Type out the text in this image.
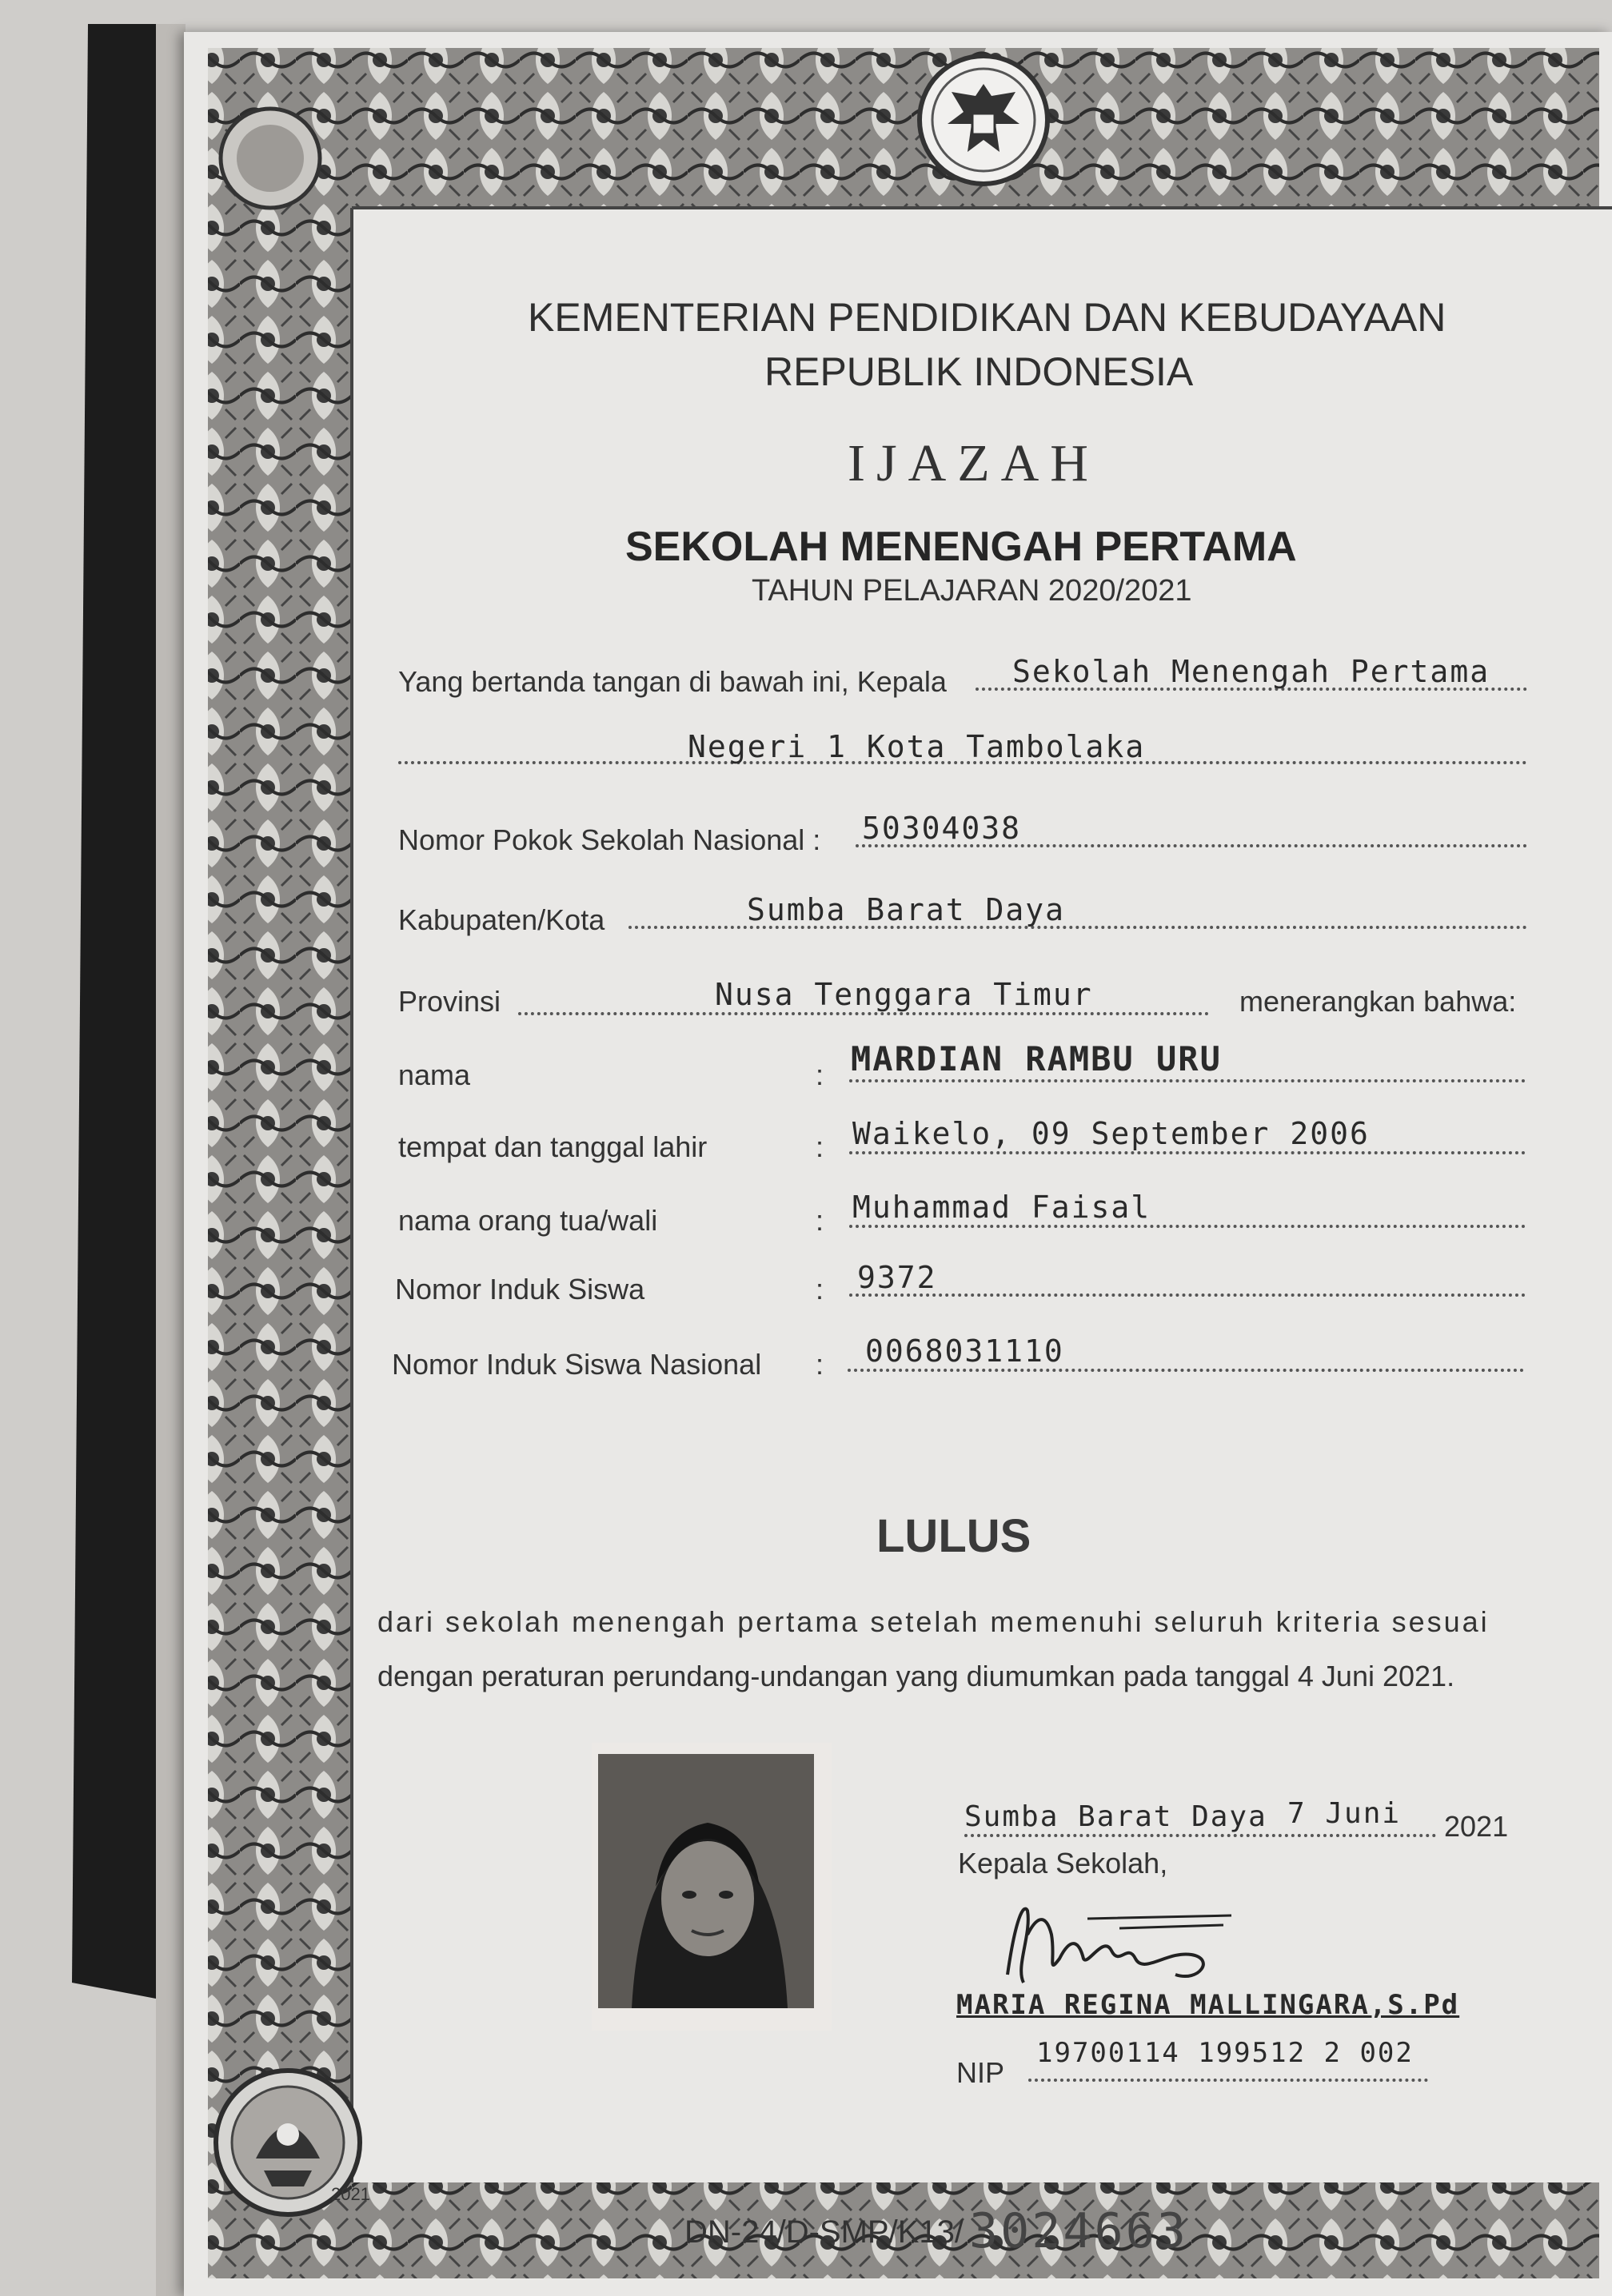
KEMENTERIAN PENDIDIKAN DAN KEBUDAYAAN
REPUBLIK INDONESIA
IJAZAH
SEKOLAH MENENGAH PERTAMA
TAHUN PELAJARAN 2020/2021
Yang bertanda tangan di bawah ini, Kepala Sekolah Menengah Pertama
Negeri 1 Kota Tambolaka
Nomor Pokok Sekolah Nasional : 50304038
Kabupaten/Kota	Sumba Barat Daya
Provinsi	Nusa Tenggara Timur	menerangkan bahwa:
nama	: MARDIAN RAMBU URU
tempat dan tanggal lahir	: Waikelo, 09 September 2006
nama orang tua/wali	: Muhammad Faisal
Nomor Induk Siswa	: 9372
Nomor Induk Siswa Nasional : 0068031110
LULUS
dari sekolah menengah pertama setelah memenuhi seluruh kriteria sesuai
dengan peraturan perundang-undangan yang diumumkan pada tanggal 4 Juni 2021.
Sumba Barat Daya 7 Juni 2021
Kepala Sekolah,
MARIA REGINA MALLINGARA,S.Pd
NIP
19700114 199512 2 002
DN-24/D-SMP/K13/ 3024663
2021
